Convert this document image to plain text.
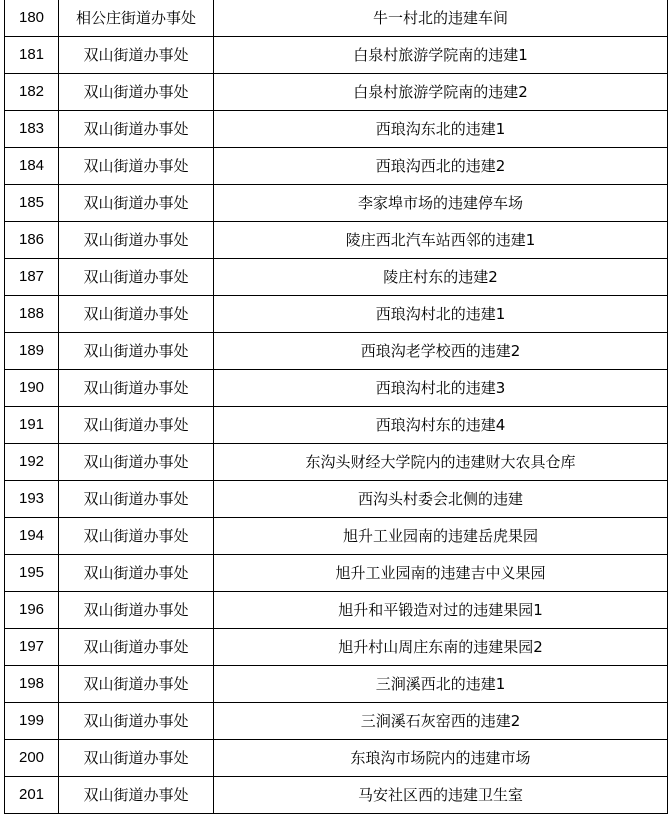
180	相公庄街道办事处	牛一村北的违建车间
181	双山街道办事处	白泉村旅游学院南的违建1
182	双山街道办事处	白泉村旅游学院南的违建2
183	双山街道办事处	西琅沟东北的违建1
184	双山街道办事处	西琅沟西北的违建2
185	双山街道办事处	李家埠市场的违建停车场
186	双山街道办事处	陵庄西北汽车站西邻的违建1
187	双山街道办事处	陵庄村东的违建2
188	双山街道办事处	西琅沟村北的违建1
189	双山街道办事处	西琅沟老学校西的违建2
190	双山街道办事处	西琅沟村北的违建3
191	双山街道办事处	西琅沟村东的违建4
192	双山街道办事处	东沟头财经大学院内的违建财大农具仓库
193	双山街道办事处	西沟头村委会北侧的违建
194	双山街道办事处	旭升工业园南的违建岳虎果园
195	双山街道办事处	旭升工业园南的违建吉中义果园
196	双山街道办事处	旭升和平锻造对过的违建果园1
197	双山街道办事处	旭升村山周庄东南的违建果园2
198	双山街道办事处	三涧溪西北的违建1
199	双山街道办事处	三涧溪石灰窑西的违建2
200	双山街道办事处	东琅沟市场院内的违建市场
201	双山街道办事处	马安社区西的违建卫生室
